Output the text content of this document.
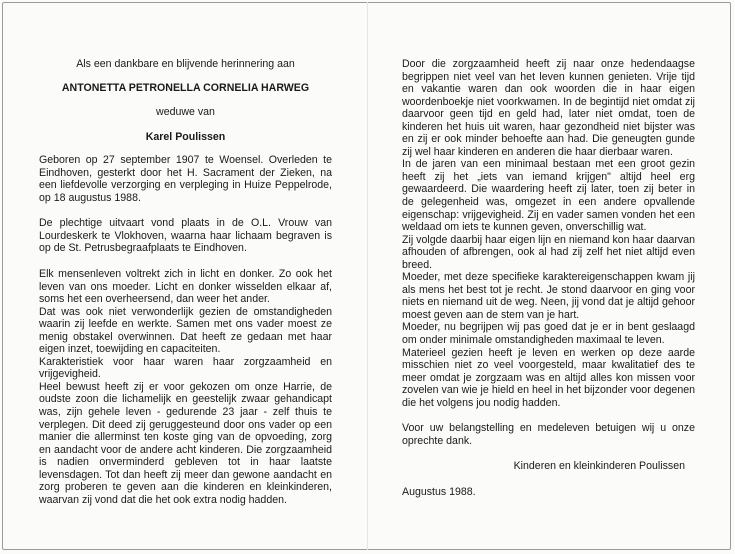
Als een dankbare en blijvende herinnering aan

ANTONETTA PETRONELLA CORNELIA HARWEG

weduwe van

Karel Poulissen

Geboren op 27 september 1907 te Woensel. Overleden te Eindhoven, gesterkt door het H. Sacrament der Zieken, na een liefdevolle verzorging en verpleging in Huize Peppelrode, op 18 augustus 1988.

De plechtige uitvaart vond plaats in de O.L. Vrouw van Lourdeskerk te Vlokhoven, waarna haar lichaam begraven is op de St. Petrusbegraafplaats te Eindhoven.

Elk mensenleven voltrekt zich in licht en donker. Zo ook het leven van ons moeder. Licht en donker wisselden elkaar af, soms het een overheersend, dan weer het ander.

Dat was ook niet verwonderlijk gezien de omstandigheden waarin zij leefde en werkte. Samen met ons vader moest ze menig obstakel overwinnen. Dat heeft ze gedaan met haar eigen inzet, toewijding en capaciteiten.

Karakteristiek voor haar waren haar zorgzaamheid en vrijgevigheid.

Heel bewust heeft zij er voor gekozen om onze Harrie, de oudste zoon die lichamelijk en geestelijk zwaar gehandicapt was, zijn gehele leven - gedurende 23 jaar - zelf thuis te verplegen. Dit deed zij geruggesteund door ons vader op een manier die allerminst ten koste ging van de opvoeding, zorg en aandacht voor de andere acht kinderen. Die zorgzaamheid is nadien onverminderd gebleven tot in haar laatste levensdagen. Tot dan heeft zij meer dan gewone aandacht en zorg proberen te geven aan die kinderen en kleinkinderen, waarvan zij vond dat die het ook extra nodig hadden.

Door die zorgzaamheid heeft zij naar onze hedendaagse begrippen niet veel van het leven kunnen genieten. Vrije tijd en vakantie waren dan ook woorden die in haar eigen woordenboekje niet voorkwamen. In de begintijd niet omdat zij daarvoor geen tijd en geld had, later niet omdat, toen de kinderen het huis uit waren, haar gezondheid niet bijster was en zij er ook minder behoefte aan had. Die geneugten gunde zij wel haar kinderen en anderen die haar dierbaar waren.

In de jaren van een minimaal bestaan met een groot gezin heeft zij het „iets van iemand krijgen" altijd heel erg gewaardeerd. Die waardering heeft zij later, toen zij beter in de gelegenheid was, omgezet in een andere opvallende eigenschap: vrijgevigheid. Zij en vader samen vonden het een weldaad om iets te kunnen geven, onverschillig wat.

Zij volgde daarbij haar eigen lijn en niemand kon haar daarvan afhouden of afbrengen, ook al had zij zelf het niet altijd even breed.

Moeder, met deze specifieke karaktereigenschappen kwam jij als mens het best tot je recht. Je stond daarvoor en ging voor niets en niemand uit de weg. Neen, jij vond dat je altijd gehoor moest geven aan de stem van je hart.

Moeder, nu begrijpen wij pas goed dat je er in bent geslaagd om onder minimale omstandigheden maximaal te leven.

Materieel gezien heeft je leven en werken op deze aarde misschien niet zo veel voorgesteld, maar kwalitatief des te meer omdat je zorgzaam was en altijd alles kon missen voor zovelen van wie je hield en heel in het bijzonder voor degenen die het volgens jou nodig hadden.

Voor uw belangstelling en medeleven betuigen wij u onze oprechte dank.

Kinderen en kleinkinderen Poulissen

Augustus 1988.
